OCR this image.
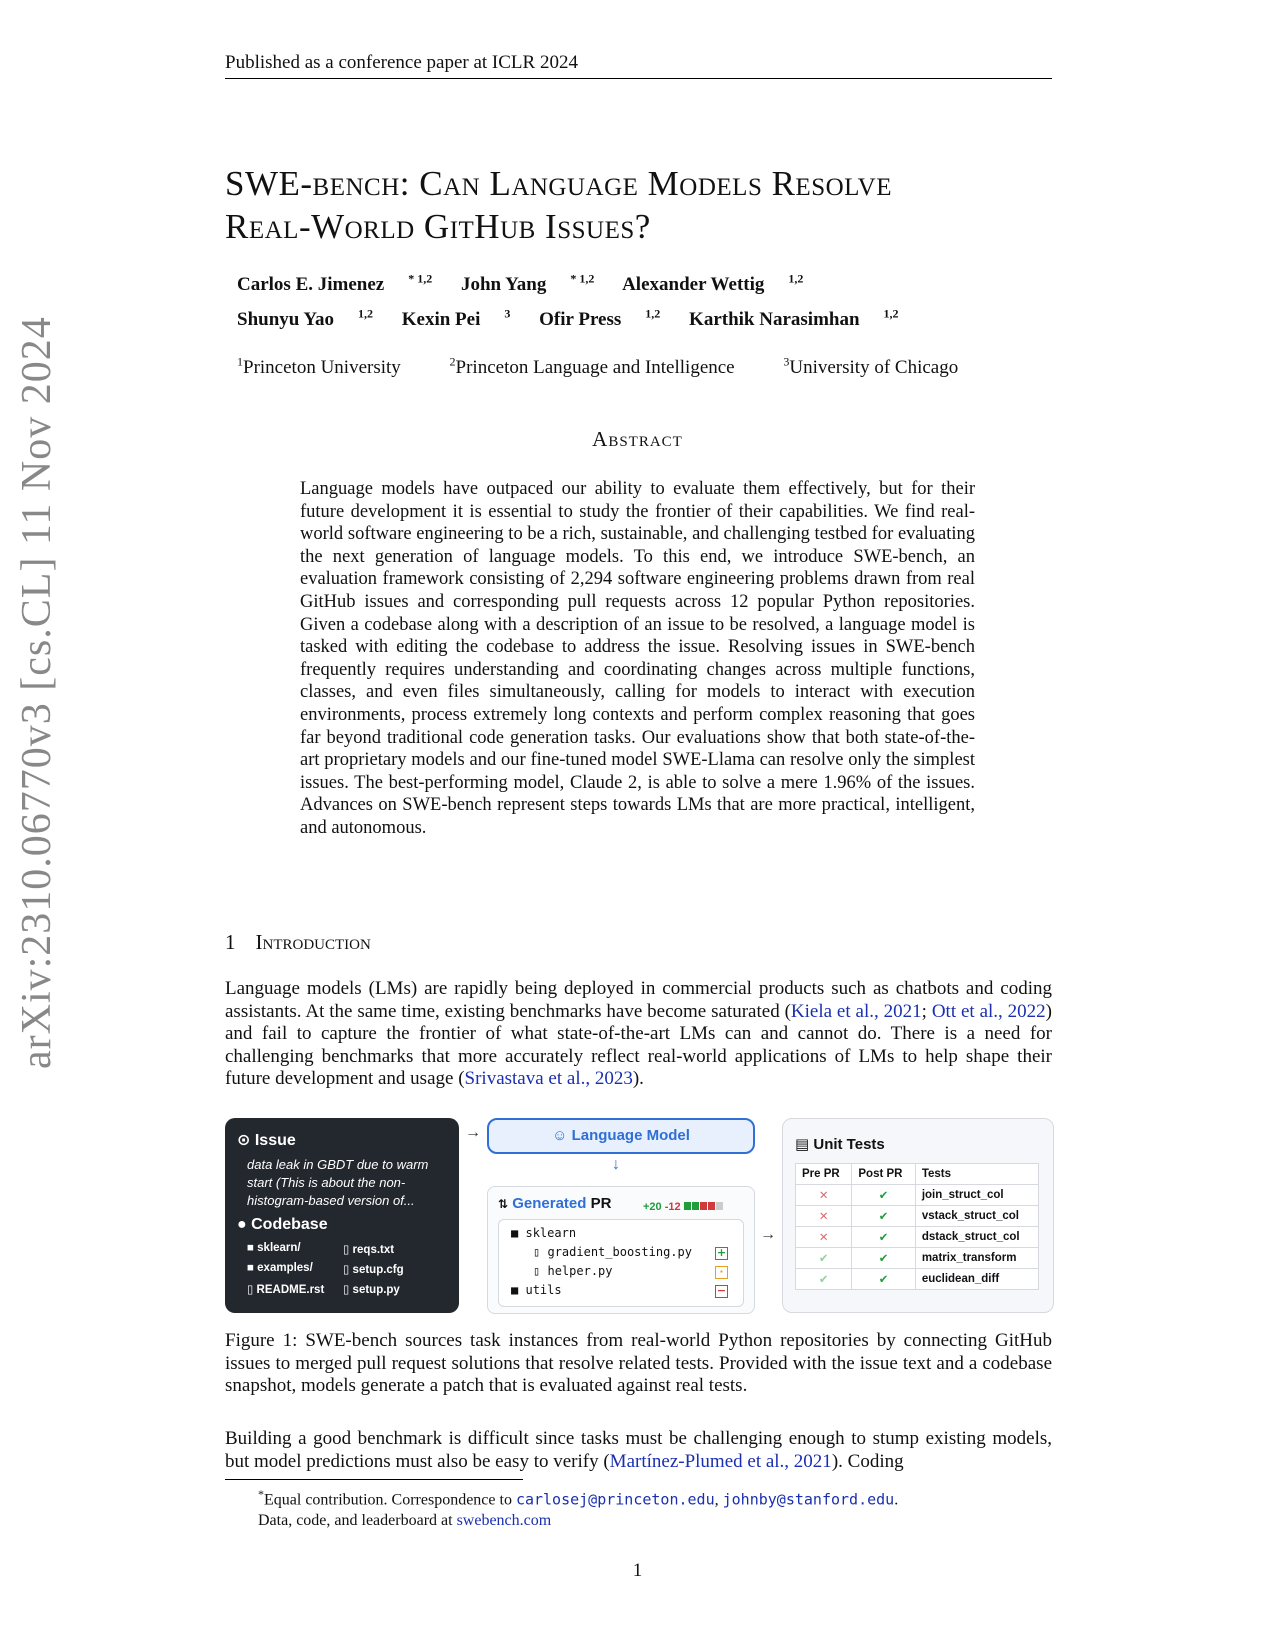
Published as a conference paper at ICLR 2024
arXiv:2310.06770v3 [cs.CL] 11 Nov 2024
SWE-bench: Can Language Models Resolve
Real-World GitHub Issues?
Carlos E. Jimenez $^{* 1,2}$ John Yang $^{* 1,2}$ Alexander Wettig $^{1,2}$
Shunyu Yao $^{1,2}$ Kexin Pei $^3$ Ofir Press $^{1,2}$ Karthik Narasimhan $^{1,2}$
$^1$Princeton University	$^2$Princeton Language and Intelligence	$^3$University of Chicago
Abstract
Language models have outpaced our ability to evaluate them effectively, but for their future development it is essential to study the frontier of their capabilities. We find real-world software engineering to be a rich, sustainable, and challenging testbed for evaluating the next generation of language models. To this end, we introduce SWE-bench, an evaluation framework consisting of 2,294 software engineering problems drawn from real GitHub issues and corresponding pull requests across 12 popular Python repositories. Given a codebase along with a description of an issue to be resolved, a language model is tasked with editing the codebase to address the issue. Resolving issues in SWE-bench frequently requires understanding and coordinating changes across multiple functions, classes, and even files simultaneously, calling for models to interact with execution environments, process extremely long contexts and perform complex reasoning that goes far beyond traditional code generation tasks. Our evaluations show that both state-of-the-art proprietary models and our fine-tuned model SWE-Llama can resolve only the simplest issues. The best-performing model, Claude 2, is able to solve a mere 1.96% of the issues. Advances on SWE-bench represent steps towards LMs that are more practical, intelligent, and autonomous.
1 Introduction
Language models (LMs) are rapidly being deployed in commercial products such as chatbots and coding assistants. At the same time, existing benchmarks have become saturated (Kiela et al., 2021; Ott et al., 2022) and fail to capture the frontier of what state-of-the-art LMs can and cannot do. There is a need for challenging benchmarks that more accurately reflect real-world applications of LMs to help shape their future development and usage (Srivastava et al., 2023).
⊙ Issue
data leak in GBDT due to warm start (This is about the non-histogram-based version of...
● Codebase
■ sklearn/	▯ reqs.txt
■ examples/	▯ setup.cfg
▯ README.rst ▯ setup.py
→	☺ Language Model
↓
⇅ Generated PR	+20 -12
■ sklearn
▯ gradient_boosting.py
▯ helper.py
■ utils
+
·
−
→
▤ Unit Tests
Pre PR	Post PR	Tests
✕	✔	join_struct_col
✕	✔	vstack_struct_col
✕	✔	dstack_struct_col
✔	✔	matrix_transform
✔	✔	euclidean_diff
Figure 1: SWE-bench sources task instances from real-world Python repositories by connecting GitHub issues to merged pull request solutions that resolve related tests. Provided with the issue text and a codebase snapshot, models generate a patch that is evaluated against real tests.
Building a good benchmark is difficult since tasks must be challenging enough to stump existing models, but model predictions must also be easy to verify (Martínez-Plumed et al., 2021). Coding
*Equal contribution. Correspondence to carlosej@princeton.edu, johnby@stanford.edu.
Data, code, and leaderboard at swebench.com
1
